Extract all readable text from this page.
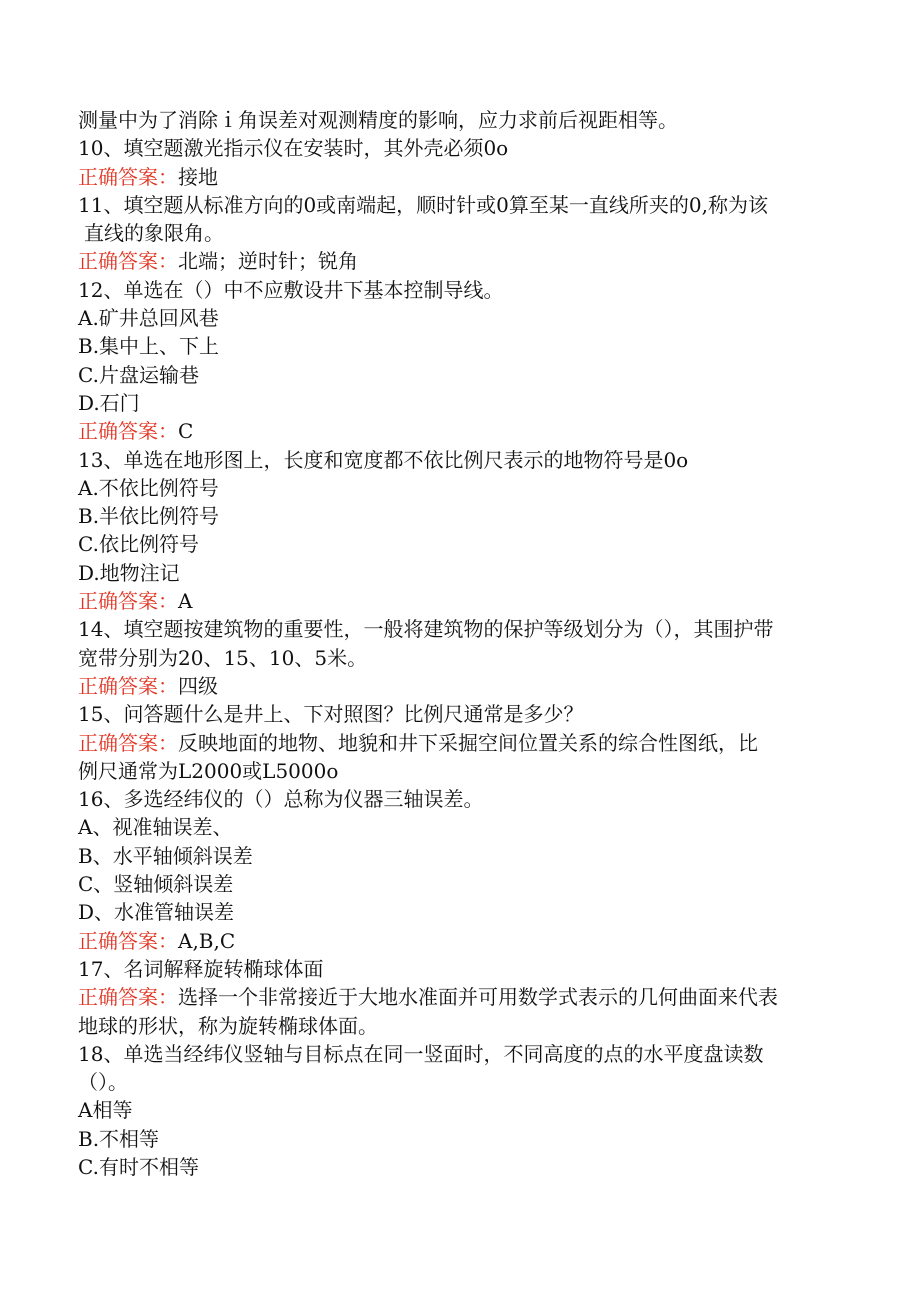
测量中为了消除ｉ角误差对观测精度的影响，应力求前后视距相等。
10、填空题激光指示仪在安装时，其外壳必须0o
正确答案：接地
11、填空题从标准方向的0或南端起，顺时针或0算至某一直线所夹的0,称为该
直线的象限角。
正确答案：北端；逆时针；锐角
12、单选在（）中不应敷设井下基本控制导线。
A.矿井总回风巷
B.集中上、下上
C.片盘运输巷
D.石门
正确答案：C
13、单选在地形图上，长度和宽度都不依比例尺表示的地物符号是0o
A.不依比例符号
B.半依比例符号
C.依比例符号
D.地物注记
正确答案：A
14、填空题按建筑物的重要性，一般将建筑物的保护等级划分为（），其围护带
宽带分别为20、15、10、5米。
正确答案：四级
15、问答题什么是井上、下对照图？比例尺通常是多少？
正确答案：反映地面的地物、地貌和井下采掘空间位置关系的综合性图纸，比
例尺通常为L2000或L5000o
16、多选经纬仪的（）总称为仪器三轴误差。
A、视准轴误差、
B、水平轴倾斜误差
C、竖轴倾斜误差
D、水准管轴误差
正确答案：A,B,C
17、名词解释旋转椭球体面
正确答案：选择一个非常接近于大地水准面并可用数学式表示的几何曲面来代表
地球的形状，称为旋转椭球体面。
18、单选当经纬仪竖轴与目标点在同一竖面时，不同高度的点的水平度盘读数
（）。
A相等
B.不相等
C.有时不相等
